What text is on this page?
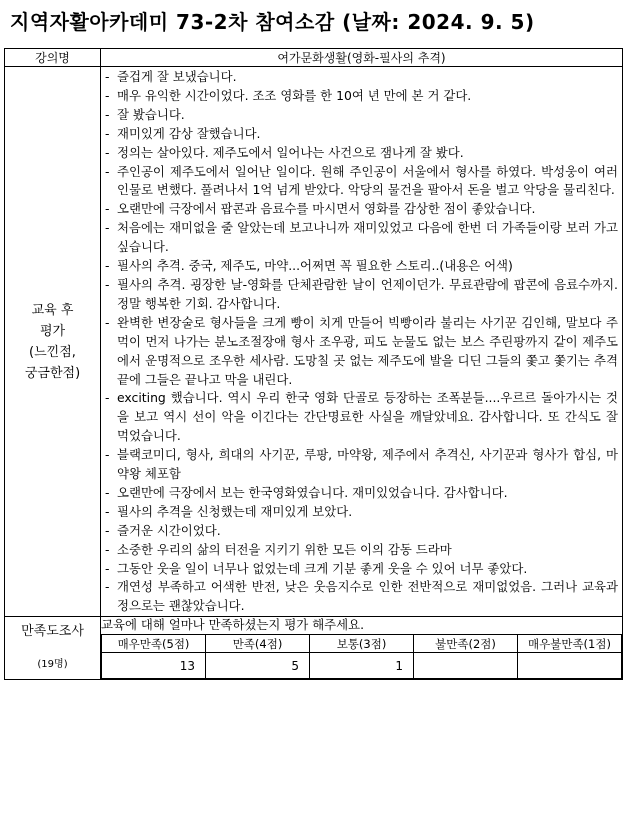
지역자활아카데미 73-2차 참여소감 (날짜: 2024. 9. 5)
강의명	여가문화생활(영화-필사의 추격)

교육 후
평가
(느낀점,
궁금한점)

- 즐겁게 잘 보냈습니다.
- 매우 유익한 시간이었다. 조조 영화를 한 10여 년 만에 본 거 같다.
- 잘 봤습니다.
- 재미있게 감상 잘했습니다.
- 정의는 살아있다. 제주도에서 일어나는 사건으로 잼나게 잘 봤다.
- 주인공이 제주도에서 일어난 일이다. 원해 주인공이 서울에서 형사를 하였다. 박성웅이 여러 인물로 변했다. 풀려나서 1억 넘게 받았다. 악당의 물건을 팔아서 돈을 벌고 악당을 물리친다.
- 오랜만에 극장에서 팝콘과 음료수를 마시면서 영화를 감상한 점이 좋았습니다.
- 처음에는 재미없을 줄 알았는데 보고나니까 재미있었고 다음에 한번 더 가족들이랑 보러 가고 싶습니다.
- 필사의 추격. 중국, 제주도, 마약...어쩌면 꼭 필요한 스토리..(내용은 어색)
- 필사의 추격. 굉장한 날-영화를 단체관람한 날이 언제이던가. 무료관람에 팝콘에 음료수까지. 정말 행복한 기회. 감사합니다.
- 완벽한 변장술로 형사들을 크게 빵이 치게 만들어 빅빵이라 불리는 사기꾼 김인해, 말보다 주먹이 먼저 나가는 분노조절장애 형사 조우광, 피도 눈물도 없는 보스 주린팡까지 같이 제주도에서 운명적으로 조우한 세사람. 도망칠 곳 없는 제주도에 발을 디딘 그들의 쫓고 쫓기는 추격 끝에 그들은 끝나고 막을 내린다.
- exciting 했습니다. 역시 우리 한국 영화 단골로 등장하는 조폭분들....우르르 돌아가시는 것을 보고 역시 선이 악을 이긴다는 간단명료한 사실을 깨달았네요. 감사합니다. 또 간식도 잘 먹었습니다.
- 블랙코미디, 형사, 희대의 사기꾼, 루팡, 마약왕, 제주에서 추격신, 사기꾼과 형사가 합심, 마약왕 체포함
- 오랜만에 극장에서 보는 한국영화였습니다. 재미있었습니다. 감사합니다.
- 필사의 추격을 신청했는데 재미있게 보았다.
- 즐거운 시간이었다.
- 소중한 우리의 삶의 터전을 지키기 위한 모든 이의 감동 드라마
- 그동안 웃을 일이 너무나 없었는데 크게 기분 좋게 웃을 수 있어 너무 좋았다.
- 개연성 부족하고 어색한 반전, 낮은 웃음지수로 인한 전반적으로 재미없었음. 그러나 교육과정으로는 괜찮았습니다.

만족도조사
(19명)

교육에 대해 얼마나 만족하셨는지 평가 해주세요.
매우만족(5점)	만족(4점)	보통(3점)	불만족(2점)	매우불만족(1점)
13	5	1		
